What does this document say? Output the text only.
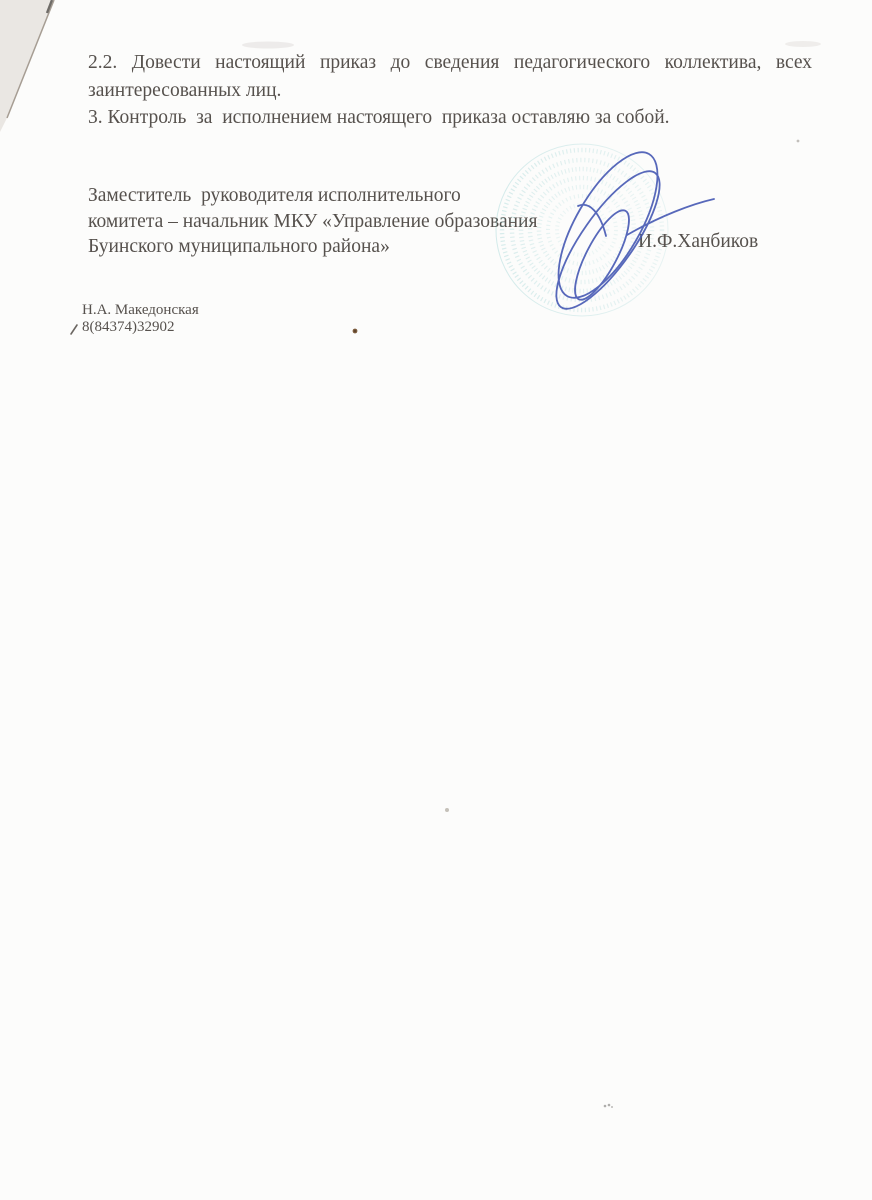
2.2. Довести настоящий приказ до сведения педагогического коллектива, всех
заинтересованных лиц.
3. Контроль  за  исполнением настоящего  приказа оставляю за собой.
Заместитель  руководителя исполнительного
комитета – начальник МКУ «Управление образования
Буинского муниципального района»	И.Ф.Ханбиков
Н.А. Македонская
8(84374)32902
